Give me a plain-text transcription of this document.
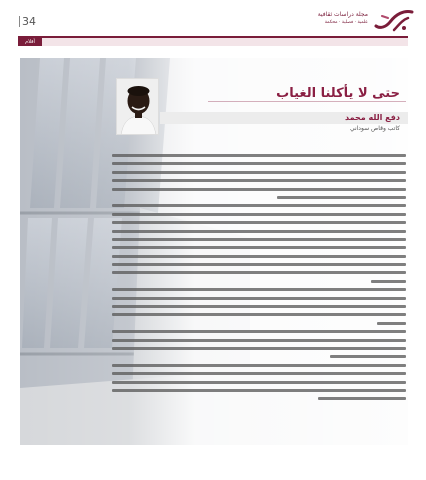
34
مجلة دراسات ثقافية
علمية · فصلية · محكمة
أقلام
حتى لا يأكلنا الغياب
دفع الله محمد
كاتب وقاص سوداني
